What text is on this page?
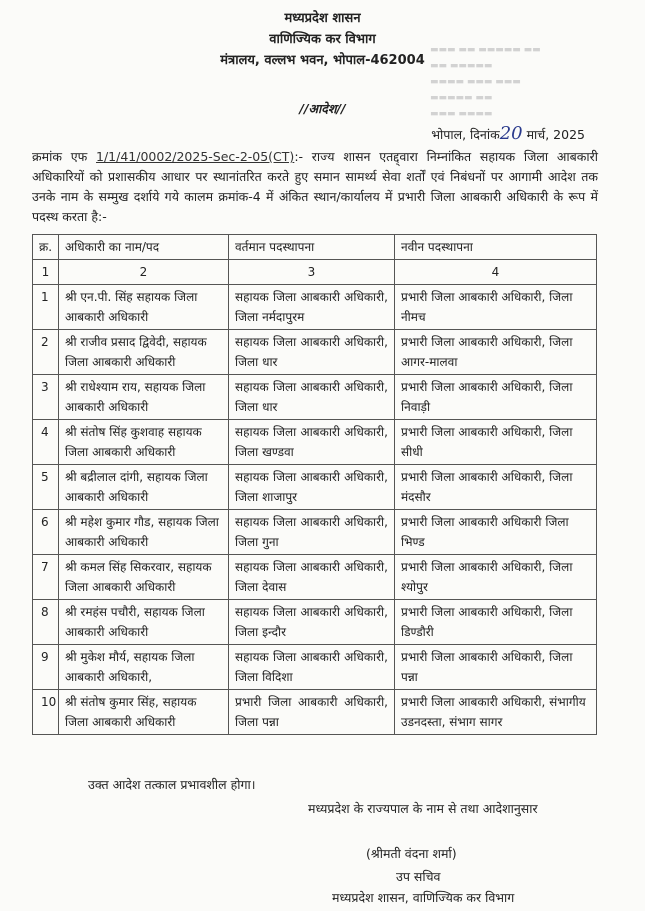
▬▬▬ ▬▬ ▬▬▬▬▬ ▬▬
▬▬ ▬▬▬▬▬
▬▬▬▬ ▬▬▬ ▬▬▬
▬▬▬▬▬ ▬▬
▬▬▬ ▬▬▬▬
मध्यप्रदेश शासन
वाणिज्यिक कर विभाग
मंत्रालय, वल्लभ भवन, भोपाल-462004
//आदेश//
भोपाल, दिनांक20 मार्च, 2025
क्रमांक एफ 1/1/41/0002/2025-Sec-2-05(CT):- राज्य शासन एतद्द्वारा निम्नांकित सहायक जिला आबकारी अधिकारियों को प्रशासकीय आधार पर स्थानांतरित करते हुए समान सामर्थ्य सेवा शर्तों एवं निबंधनों पर आगामी आदेश तक उनके नाम के सम्मुख दर्शाये गये कालम क्रमांक-4 में अंकित स्थान/कार्यालय में प्रभारी जिला आबकारी अधिकारी के रूप में पदस्थ करता है:-
क्र.	अधिकारी का नाम/पद	वर्तमान पदस्थापना	नवीन पदस्थापना
1	2	3	4
1	श्री एन.पी. सिंह सहायक जिला आबकारी अधिकारी	सहायक जिला आबकारी अधिकारी, जिला नर्मदापुरम	प्रभारी जिला आबकारी अधिकारी, जिला नीमच
2	श्री राजीव प्रसाद द्विवेदी, सहायक जिला आबकारी अधिकारी	सहायक जिला आबकारी अधिकारी, जिला धार	प्रभारी जिला आबकारी अधिकारी, जिला आगर-मालवा
3	श्री राधेश्याम राय, सहायक जिला आबकारी अधिकारी	सहायक जिला आबकारी अधिकारी, जिला धार	प्रभारी जिला आबकारी अधिकारी, जिला निवाड़ी
4	श्री संतोष सिंह कुशवाह सहायक जिला आबकारी अधिकारी	सहायक जिला आबकारी अधिकारी, जिला खण्डवा	प्रभारी जिला आबकारी अधिकारी, जिला सीधी
5	श्री बद्रीलाल दांगी, सहायक जिला आबकारी अधिकारी	सहायक जिला आबकारी अधिकारी, जिला शाजापुर	प्रभारी जिला आबकारी अधिकारी, जिला मंदसौर
6	श्री महेश कुमार गौड, सहायक जिला आबकारी अधिकारी	सहायक जिला आबकारी अधिकारी, जिला गुना	प्रभारी जिला आबकारी अधिकारी जिला भिण्ड
7	श्री कमल सिंह सिकरवार, सहायक जिला आबकारी अधिकारी	सहायक जिला आबकारी अधिकारी, जिला देवास	प्रभारी जिला आबकारी अधिकारी, जिला श्योपुर
8	श्री रमहंस पचौरी, सहायक जिला आबकारी अधिकारी	सहायक जिला आबकारी अधिकारी, जिला इन्दौर	प्रभारी जिला आबकारी अधिकारी, जिला डिण्डौरी
9	श्री मुकेश मौर्य, सहायक जिला आबकारी अधिकारी,	सहायक जिला आबकारी अधिकारी, जिला विदिशा	प्रभारी जिला आबकारी अधिकारी, जिला पन्ना
10	श्री संतोष कुमार सिंह, सहायक जिला आबकारी अधिकारी	प्रभारी जिला आबकारी अधिकारी, जिला पन्ना	प्रभारी जिला आबकारी अधिकारी, संभागीय उडनदस्ता, संभाग सागर
उक्त आदेश तत्काल प्रभावशील होगा।
मध्यप्रदेश के राज्यपाल के नाम से तथा आदेशानुसार
(श्रीमती वंदना शर्मा)
उप सचिव
मध्यप्रदेश शासन, वाणिज्यिक कर विभाग
